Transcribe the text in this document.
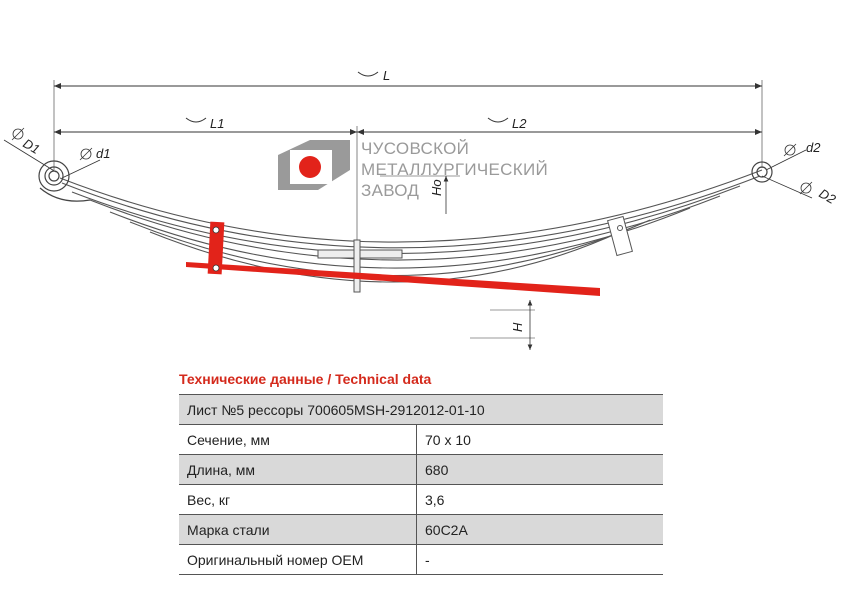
ЧУСОВСКОЙ
МЕТАЛЛУРГИЧЕСКИЙ
ЗАВОД
L
L1	L2
D1	d1	d2
D2
Ho
H
Технические данные / Technical data
Лист №5 рессоры 700605MSH-2912012-01-10	
Сечение, мм	70 x 10
Длина, мм	680
Вес, кг	3,6
Марка стали	60С2А
Оригинальный номер OEM	-
